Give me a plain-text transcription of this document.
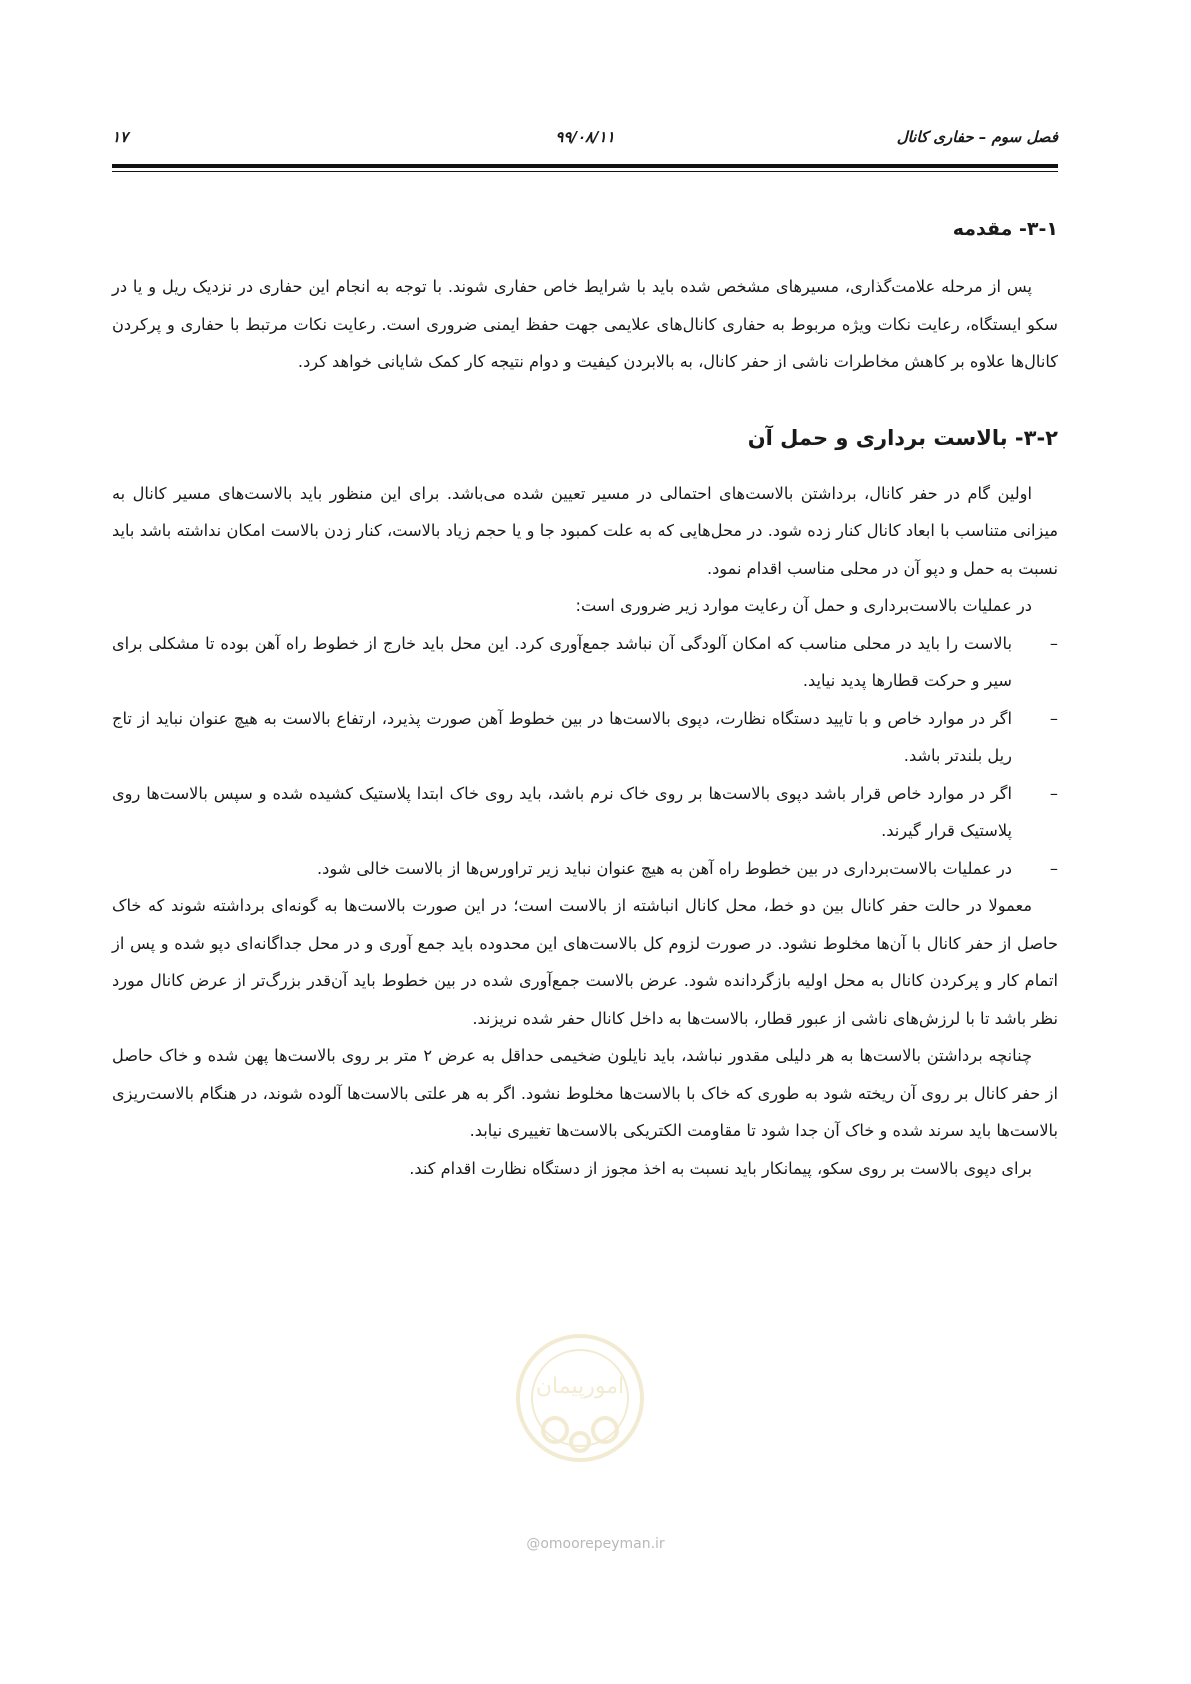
فصل سوم – حفاری کانال
۹۹/۰۸/۱۱
۱۷
۳-۱- مقدمه

پس از مرحله علامت‌گذاری، مسیرهای مشخص شده باید با شرایط خاص حفاری شوند. با توجه به انجام این حفاری در نزدیک ریل و یا در سکو ایستگاه، رعایت نکات ویژه مربوط به حفاری کانال‌های علایمی جهت حفظ ایمنی ضروری است. رعایت نکات مرتبط با حفاری و پرکردن کانال‌ها علاوه بر کاهش مخاطرات ناشی از حفر کانال، به بالابردن کیفیت و دوام نتیجه کار کمک شایانی خواهد کرد.

۳-۲- بالاست برداری و حمل آن

اولین گام در حفر کانال، برداشتن بالاست‌های احتمالی در مسیر تعیین شده می‌باشد. برای این منظور باید بالاست‌های مسیر کانال به میزانی متناسب با ابعاد کانال کنار زده شود. در محل‌هایی که به علت کمبود جا و یا حجم زیاد بالاست، کنار زدن بالاست امکان نداشته باشد باید نسبت به حمل و دپو آن در محلی مناسب اقدام نمود.

در عملیات بالاست‌برداری و حمل آن رعایت موارد زیر ضروری است:

–
بالاست را باید در محلی مناسب که امکان آلودگی آن نباشد جمع‌آوری کرد. این محل باید خارج از خطوط راه آهن بوده تا مشکلی برای سیر و حرکت قطارها پدید نیاید.
–
اگر در موارد خاص و با تایید دستگاه نظارت، دپوی بالاست‌ها در بین خطوط آهن صورت پذیرد، ارتفاع بالاست به هیچ عنوان نباید از تاج ریل بلندتر باشد.
–
اگر در موارد خاص قرار باشد دپوی بالاست‌ها بر روی خاک نرم باشد، باید روی خاک ابتدا پلاستیک کشیده شده و سپس بالاست‌ها روی پلاستیک قرار گیرند.
–
در عملیات بالاست‌برداری در بین خطوط راه آهن به هیچ عنوان نباید زیر تراورس‌ها از بالاست خالی شود.

معمولا در حالت حفر کانال بین دو خط، محل کانال انباشته از بالاست است؛ در این صورت بالاست‌ها به گونه‌ای برداشته شوند که خاک حاصل از حفر کانال با آن‌ها مخلوط نشود. در صورت لزوم کل بالاست‌های این محدوده باید جمع آوری و در محل جداگانه‌ای دپو شده و پس از اتمام کار و پرکردن کانال به محل اولیه بازگردانده شود. عرض بالاست جمع‌آوری شده در بین خطوط باید آن‌قدر بزرگ‌تر از عرض کانال مورد نظر باشد تا با لرزش‌های ناشی از عبور قطار، بالاست‌ها به داخل کانال حفر شده نریزند.

چنانچه برداشتن بالاست‌ها به هر دلیلی مقدور نباشد، باید نایلون ضخیمی حداقل به عرض ۲ متر بر روی بالاست‌ها پهن شده و خاک حاصل از حفر کانال بر روی آن ریخته شود به طوری که خاک با بالاست‌ها مخلوط نشود. اگر به هر علتی بالاست‌ها آلوده شوند، در هنگام بالاست‌ریزی بالاست‌ها باید سرند شده و خاک آن جدا شود تا مقاومت الکتریکی بالاست‌ها تغییری نیابد.

برای دپوی بالاست بر روی سکو، پیمانکار باید نسبت به اخذ مجوز از دستگاه نظارت اقدام کند.

امورپیمان
@omoorepeyman.ir
